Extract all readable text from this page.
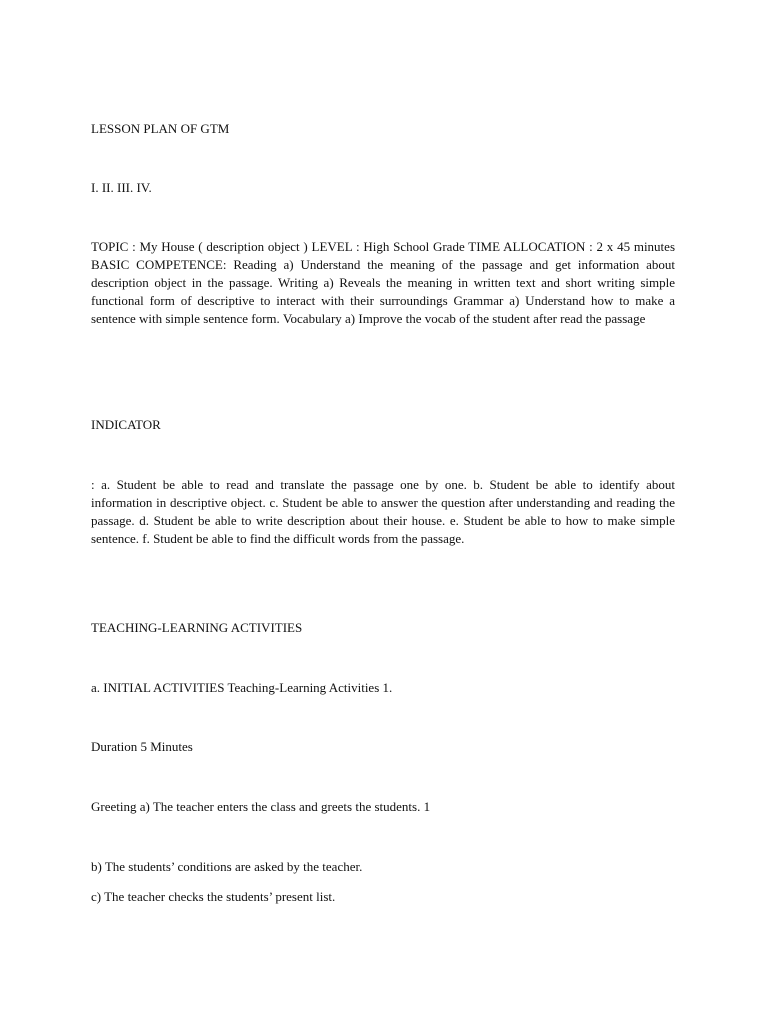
LESSON PLAN OF GTM

I. II. III. IV.

TOPIC : My House ( description object ) LEVEL : High School Grade TIME ALLOCATION : 2 x 45 minutes BASIC COMPETENCE: Reading a) Understand the meaning of the passage and get information about description object in the passage. Writing a) Reveals the meaning in written text and short writing simple functional form of descriptive to interact with their surroundings Grammar a) Understand how to make a sentence with simple sentence form. Vocabulary a) Improve the vocab of the student after read the passage

INDICATOR

: a. Student be able to read and translate the passage one by one. b. Student be able to identify about information in descriptive object. c. Student be able to answer the question after understanding and reading the passage. d. Student be able to write description about their house. e. Student be able to how to make simple sentence. f. Student be able to find the difficult words from the passage.

TEACHING-LEARNING ACTIVITIES

a. INITIAL ACTIVITIES Teaching-Learning Activities 1.

Duration 5 Minutes

Greeting a) The teacher enters the class and greets the students. 1

b) The students’ conditions are asked by the teacher.

c) The teacher checks the students’ present list.
